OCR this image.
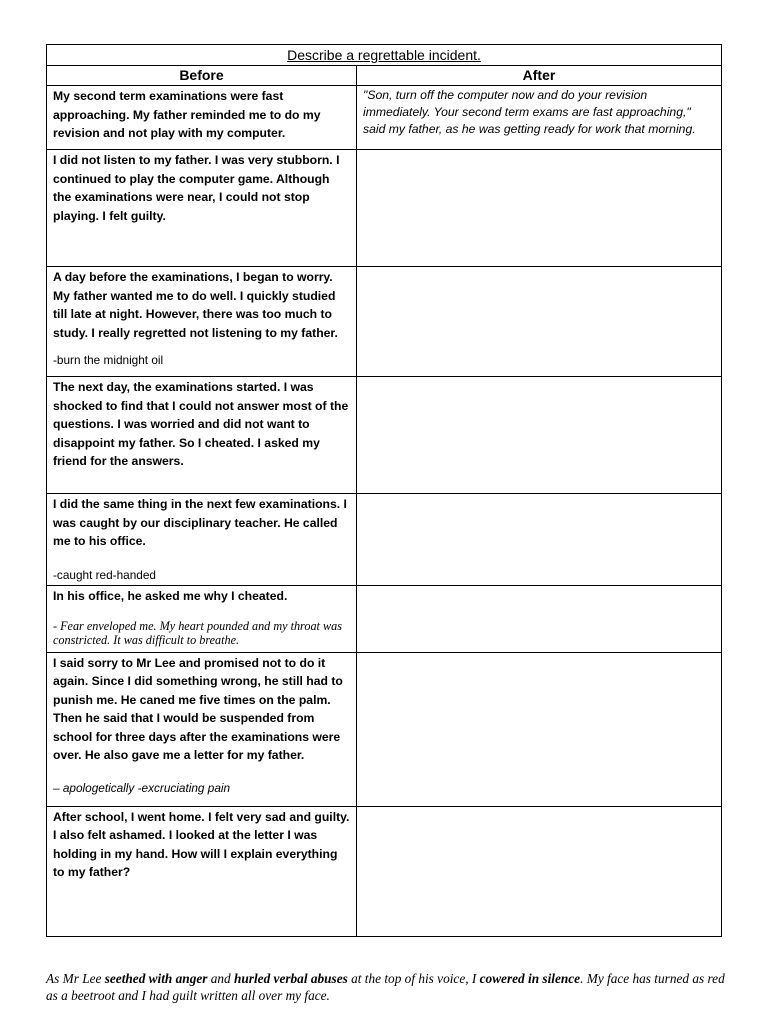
Describe a regrettable incident.	
Before	After

My second term examinations were fast approaching. My father reminded me to do my revision and not play with my computer.	"Son, turn off the computer now and do your revision immediately. Your second term exams are fast approaching," said my father, as he was getting ready for work that morning.

I did not listen to my father. I was very stubborn. I continued to play the computer game. Although the examinations were near, I could not stop playing. I felt guilty.	

A day before the examinations, I began to worry. My father wanted me to do well. I quickly studied till late at night. However, there was too much to study. I really regretted not listening to my father.
-burn the midnight oil	

The next day, the examinations started. I was shocked to find that I could not answer most of the questions. I was worried and did not want to disappoint my father. So I cheated. I asked my friend for the answers.	

I did the same thing in the next few examinations. I was caught by our disciplinary teacher. He called me to his office.
-caught red-handed	

In his office, he asked me why I cheated.
- Fear enveloped me. My heart pounded and my throat was constricted. It was difficult to breathe.	

I said sorry to Mr Lee and promised not to do it again. Since I did something wrong, he still had to punish me. He caned me five times on the palm. Then he said that I would be suspended from school for three days after the examinations were over. He also gave me a letter for my father.
– apologetically -excruciating pain	

After school, I went home. I felt very sad and guilty. I also felt ashamed. I looked at the letter I was holding in my hand. How will I explain everything to my father?	

As Mr Lee seethed with anger and hurled verbal abuses at the top of his voice, I cowered in silence. My face has turned as red as a beetroot and I had guilt written all over my face.
